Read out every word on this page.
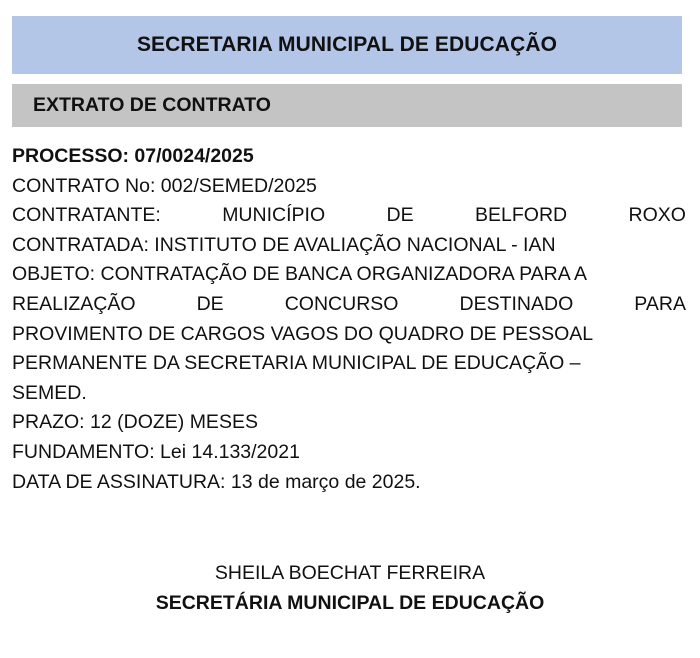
SECRETARIA MUNICIPAL DE EDUCAÇÃO
EXTRATO DE CONTRATO
PROCESSO: 07/0024/2025
CONTRATO No: 002/SEMED/2025
CONTRATANTE:	MUNICÍPIO	DE	BELFORD	ROXO
CONTRATADA: INSTITUTO DE AVALIAÇÃO NACIONAL - IAN
OBJETO: CONTRATAÇÃO DE BANCA ORGANIZADORA PARA A
REALIZAÇÃO	DE	CONCURSO	DESTINADO	PARA
PROVIMENTO DE CARGOS VAGOS DO QUADRO DE PESSOAL
PERMANENTE DA SECRETARIA MUNICIPAL DE EDUCAÇÃO –
SEMED.
PRAZO: 12 (DOZE) MESES
FUNDAMENTO: Lei 14.133/2021
DATA DE ASSINATURA: 13 de março de 2025.
SHEILA BOECHAT FERREIRA
SECRETÁRIA MUNICIPAL DE EDUCAÇÃO
